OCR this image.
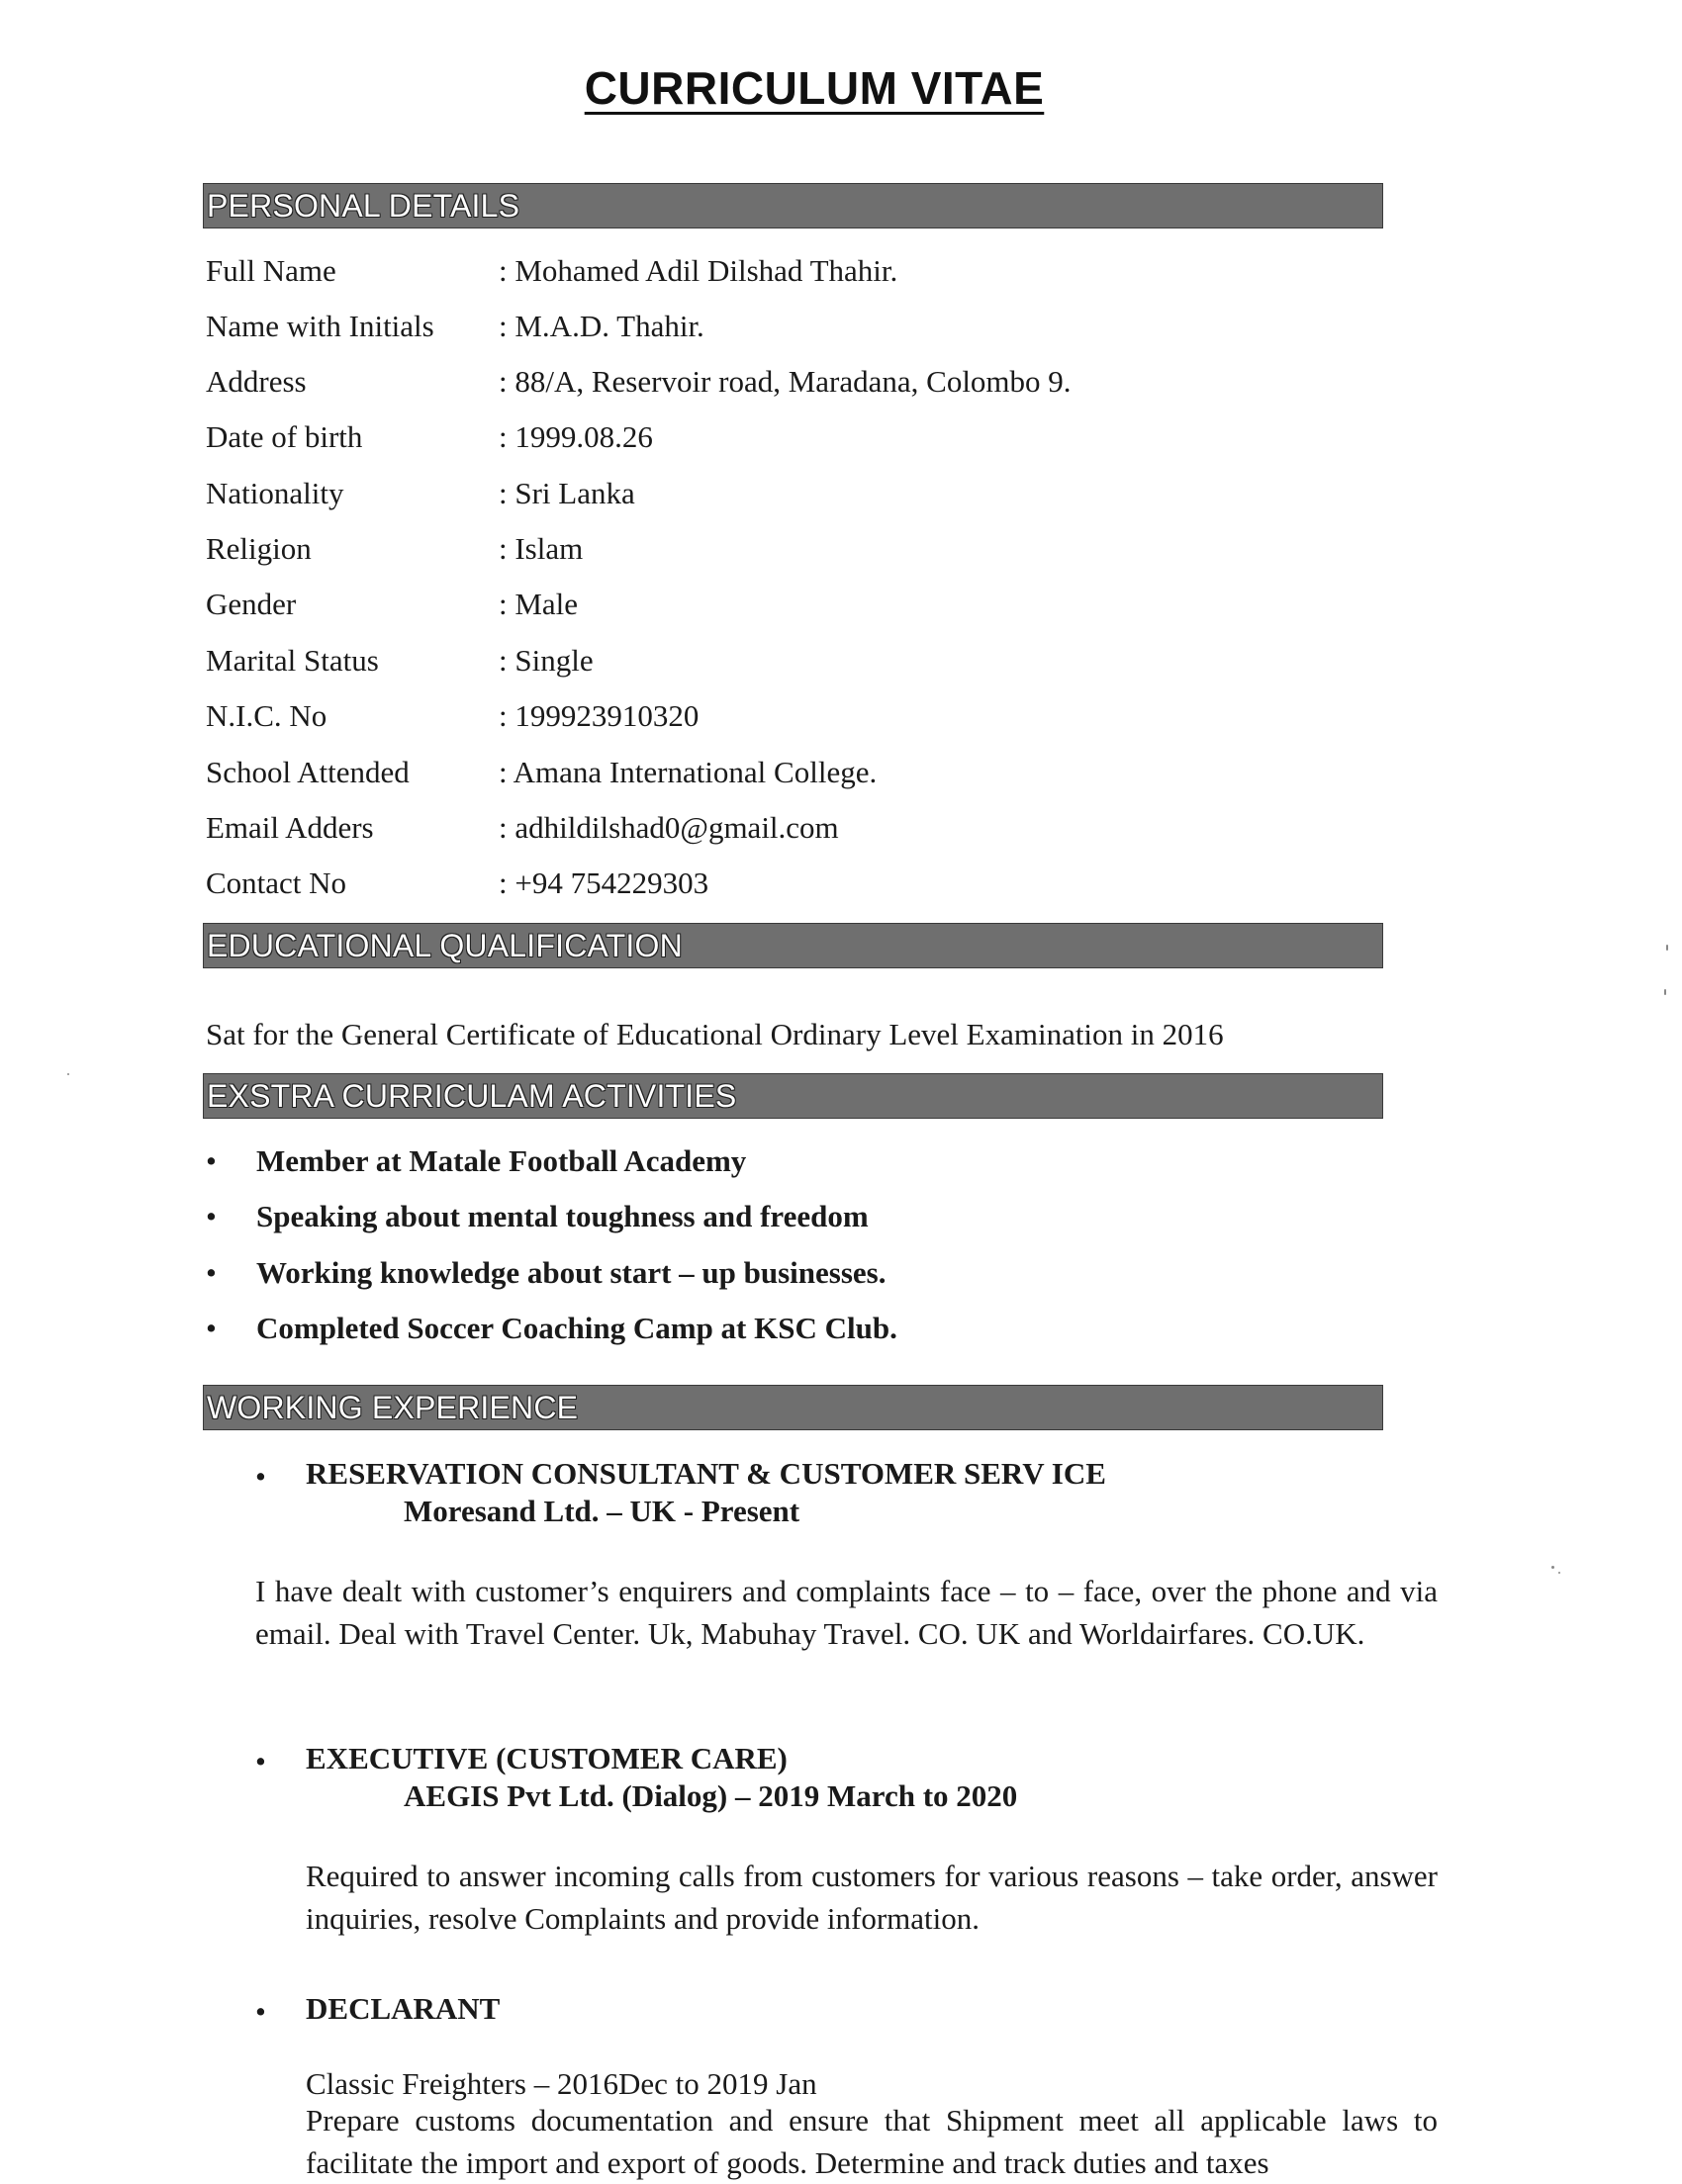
CURRICULUM VITAE
PERSONAL DETAILS
Full Name	: Mohamed Adil Dilshad Thahir.
Name with Initials : M.A.D. Thahir.
Address	: 88/A, Reservoir road, Maradana, Colombo 9.
Date of birth	: 1999.08.26
Nationality	: Sri Lanka
Religion	: Islam
Gender	: Male
Marital Status	: Single
N.I.C. No	: 199923910320
School Attended	: Amana International College.
Email Adders	: adhildilshad0@gmail.com
Contact No	: +94 754229303
EDUCATIONAL QUALIFICATION
Sat for the General Certificate of Educational Ordinary Level Examination in 2016
EXSTRA CURRICULAM ACTIVITIES
• Member at Matale Football Academy
• Speaking about mental toughness and freedom
• Working knowledge about start – up businesses.
• Completed Soccer Coaching Camp at KSC Club.
WORKING EXPERIENCE
• RESERVATION CONSULTANT & CUSTOMER SERV ICE
Moresand Ltd. – UK - Present
I have dealt with customer’s enquirers and complaints face – to – face, over the phone and via email. Deal with Travel Center. Uk, Mabuhay Travel. CO. UK and Worldairfares. CO.UK.
• EXECUTIVE (CUSTOMER CARE)
AEGIS Pvt Ltd. (Dialog) – 2019 March to 2020
Required to answer incoming calls from customers for various reasons – take order, answer inquiries, resolve Complaints and provide information.
• DECLARANT
Classic Freighters – 2016Dec to 2019 Jan
Prepare customs documentation and ensure that Shipment meet all applicable laws to facilitate the import and export of goods. Determine and track duties and taxes
